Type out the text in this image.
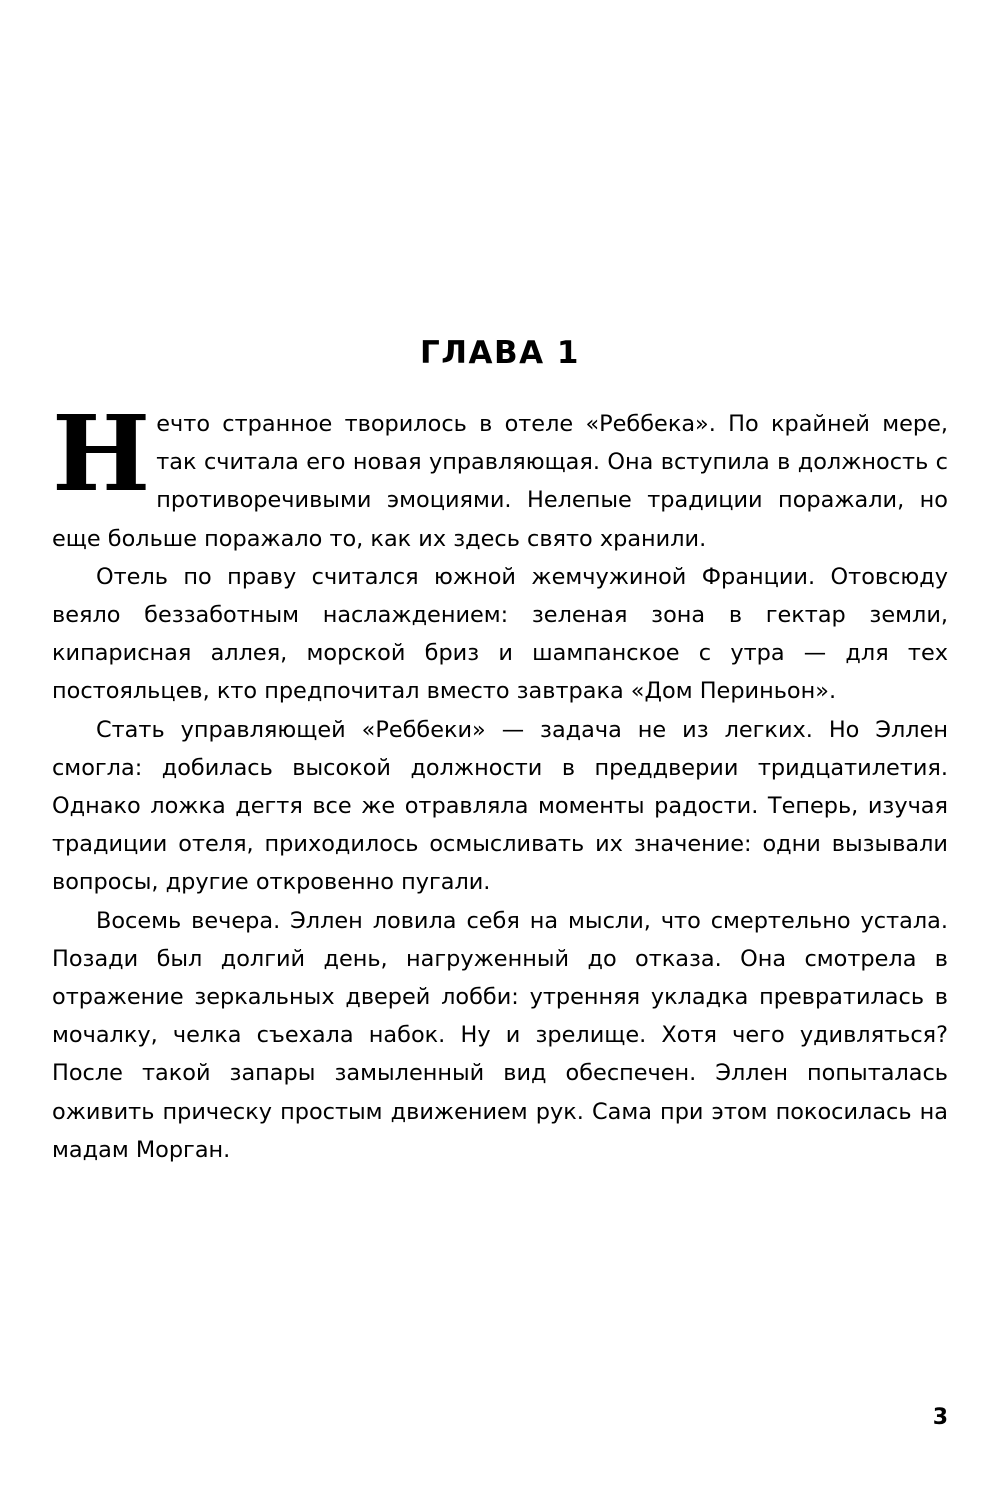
ГЛАВА 1

Нечто странное творилось в отеле «Реббека». По крайней мере, так считала его новая управляющая. Она вступила в должность с противоречивыми эмоциями. Нелепые традиции поражали, но еще больше поражало то, как их здесь свято хранили.

Отель по праву считался южной жемчужиной Франции. Отовсюду веяло беззаботным наслаждением: зеленая зона в гектар земли, кипарисная аллея, морской бриз и шампанское с утра — для тех постояльцев, кто предпочитал вместо завтрака «Дом Периньон».

Стать управляющей «Реббеки» — задача не из легких. Но Эллен смогла: добилась высокой должности в преддверии тридцатилетия. Однако ложка дегтя все же отравляла моменты радости. Теперь, изучая традиции отеля, приходилось осмысливать их значение: одни вызывали вопросы, другие откровенно пугали.

Восемь вечера. Эллен ловила себя на мысли, что смертельно устала. Позади был долгий день, нагруженный до отказа. Она смотрела в отражение зеркальных дверей лобби: утренняя укладка превратилась в мочалку, челка съехала набок. Ну и зрелище. Хотя чего удивляться? После такой запары замыленный вид обеспечен. Эллен попыталась оживить прическу простым движением рук. Сама при этом покосилась на мадам Морган.

3
